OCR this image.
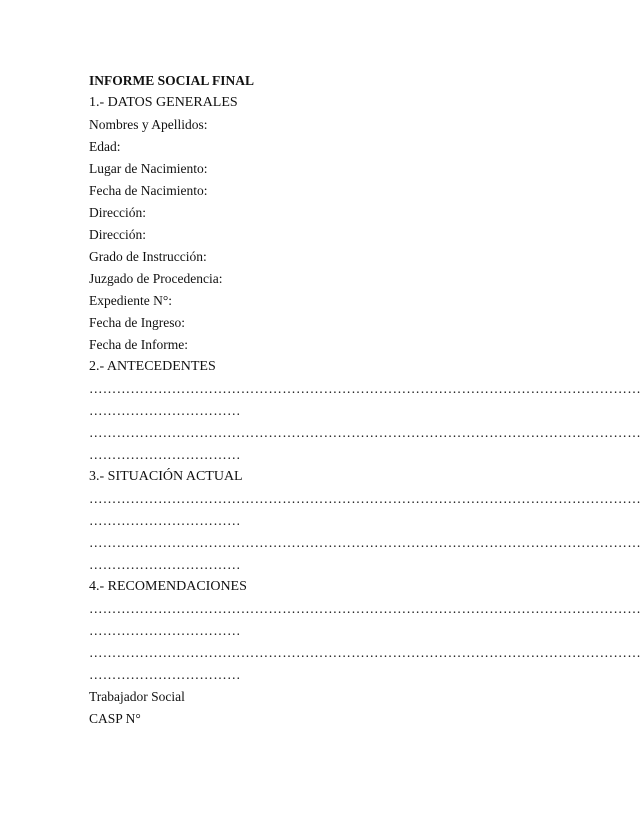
INFORME SOCIAL FINAL
1.- DATOS GENERALES
Nombres y Apellidos:
Edad:
Lugar de Nacimiento:
Fecha de Nacimiento:
Dirección:
Dirección:
Grado de Instrucción:
Juzgado de Procedencia:
Expediente N°:
Fecha de Ingreso:
Fecha de Informe:
2.- ANTECEDENTES
…………………………………………………………………………………………………………
……………………………
…………………………………………………………………………………………………………
……………………………
3.- SITUACIÓN ACTUAL
…………………………………………………………………………………………………………
……………………………
…………………………………………………………………………………………………………
……………………………
4.- RECOMENDACIONES
…………………………………………………………………………………………………………
……………………………
…………………………………………………………………………………………………………
……………………………
Trabajador Social
CASP N°
